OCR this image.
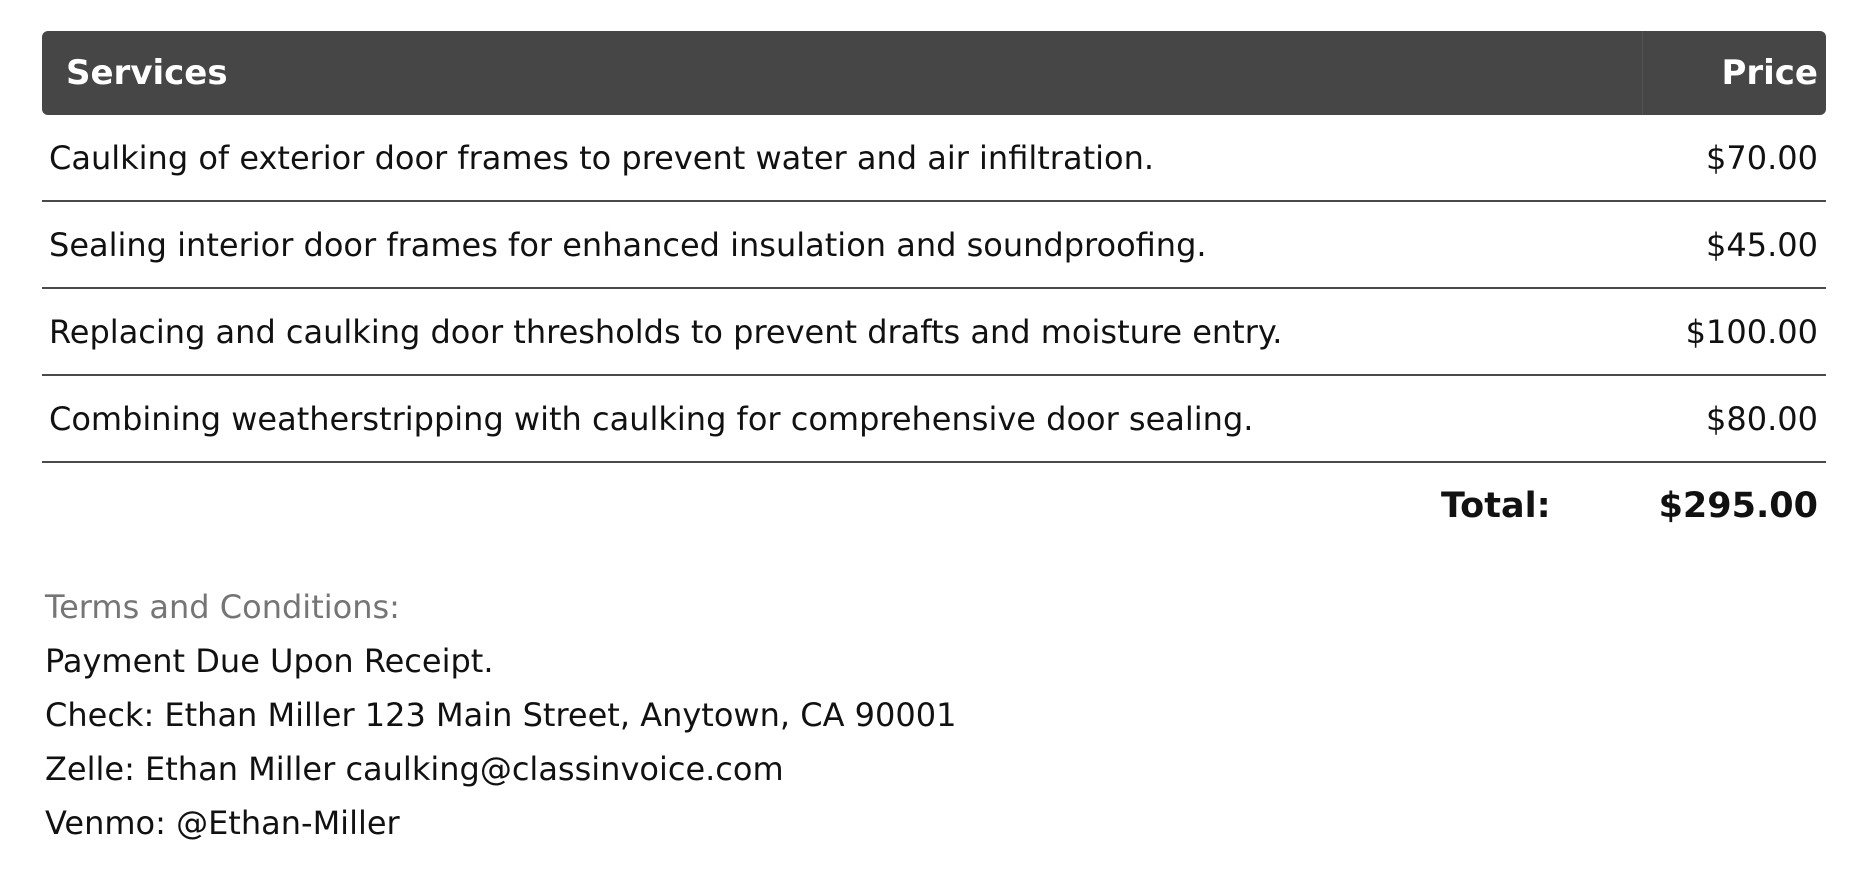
Services	Price
Caulking of exterior door frames to prevent water and air infiltration.	$70.00
Sealing interior door frames for enhanced insulation and soundproofing.	$45.00
Replacing and caulking door thresholds to prevent drafts and moisture entry.	$100.00
Combining weatherstripping with caulking for comprehensive door sealing.	$80.00
Total:	$295.00
Terms and Conditions:
Payment Due Upon Receipt.
Check: Ethan Miller 123 Main Street, Anytown, CA 90001
Zelle: Ethan Miller caulking@classinvoice.com
Venmo: @Ethan-Miller
